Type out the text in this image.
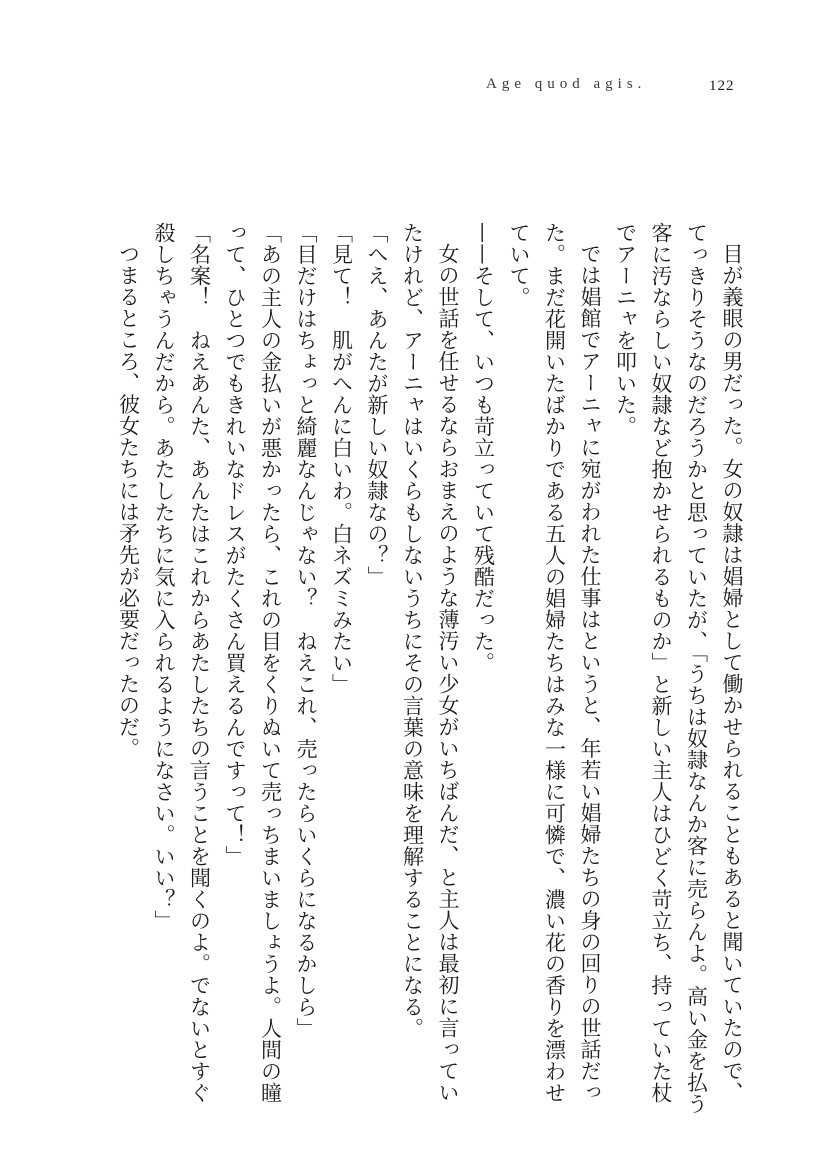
Age quod agis.	122

目が義眼の男だった。女の奴隷は娼婦として働かせられることもあると聞いていたので、てっきりそうなのだろうかと思っていたが、「うちは奴隷なんか客に売らんよ。高い金を払う客に汚ならしい奴隷など抱かせられるものか」と新しい主人はひどく苛立ち、持っていた杖でアーニャを叩いた。

では娼館でアーニャに宛がわれた仕事はというと、年若い娼婦たちの身の回りの世話だった。まだ花開いたばかりである五人の娼婦たちはみな一様に可憐で、濃い花の香りを漂わせていて。

——そして、いつも苛立っていて残酷だった。

女の世話を任せるならおまえのような薄汚い少女がいちばんだ、と主人は最初に言っていたけれど、アーニャはいくらもしないうちにその言葉の意味を理解することになる。

「へえ、あんたが新しい奴隷なの？」

「見て！　肌がへんに白いわ。白ネズミみたい」

「目だけはちょっと綺麗なんじゃない？　ねえこれ、売ったらいくらになるかしら」

「あの主人の金払いが悪かったら、これの目をくりぬいて売っちまいましょうよ。人間の瞳って、ひとつでもきれいなドレスがたくさん買えるんですって！」

「名案！　ねえあんた、あんたはこれからあたしたちの言うことを聞くのよ。でないとすぐ殺しちゃうんだから。あたしたちに気に入られるようになさい。いい？」

つまるところ、彼女たちには矛先が必要だったのだ。
